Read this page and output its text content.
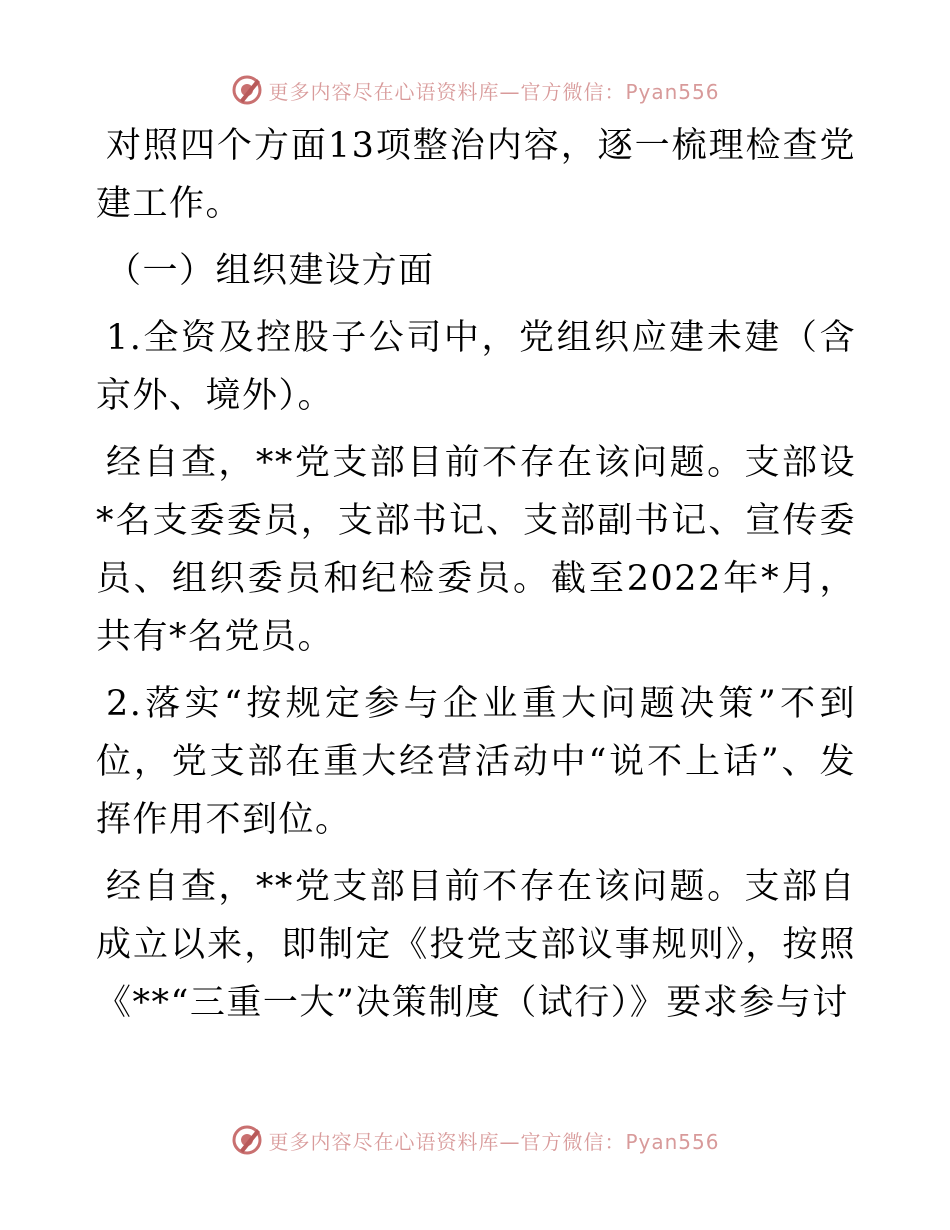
更多内容尽在心语资料库—官方微信：Pyan556

对照四个方面13项整治内容，逐一梳理检查党建工作。

（一）组织建设方面

1.全资及控股子公司中，党组织应建未建（含京外、境外）。

经自查，**党支部目前不存在该问题。支部设*名支委委员，支部书记、支部副书记、宣传委员、组织委员和纪检委员。截至2022年*月，共有*名党员。

2.落实“按规定参与企业重大问题决策”不到位，党支部在重大经营活动中“说不上话”、发挥作用不到位。

经自查，**党支部目前不存在该问题。支部自成立以来，即制定《投党支部议事规则》，按照《**“三重一大”决策制度（试行）》要求参与讨

更多内容尽在心语资料库—官方微信：Pyan556
